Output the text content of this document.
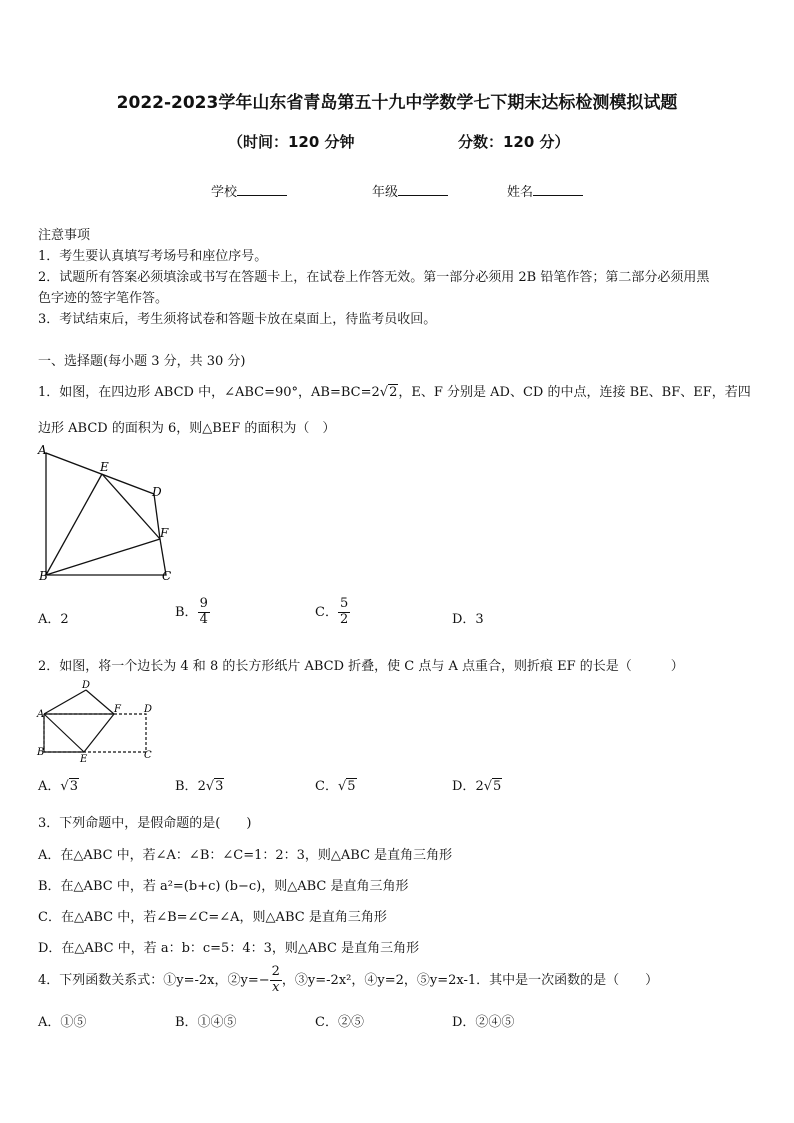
2022-2023学年山东省青岛第五十九中学数学七下期末达标检测模拟试题
（时间：120 分钟	分数：120 分）
学校	年级	姓名
注意事项
1．考生要认真填写考场号和座位序号。
2．试题所有答案必须填涂或书写在答题卡上，在试卷上作答无效。第一部分必须用 2B 铅笔作答；第二部分必须用黑
色字迹的签字笔作答。
3．考试结束后，考生须将试卷和答题卡放在桌面上，待监考员收回。
一、选择题(每小题 3 分，共 30 分)
1．如图，在四边形 ABCD 中，∠ABC=90°，AB=BC=2√2，E、F 分别是 AD、CD 的中点，连接 BE、BF、EF，若四
边形 ABCD 的面积为 6，则△BEF 的面积为（　）
A
E
D
F
B	C
A．2	B． $\frac{9}{4}$	C． $\frac{5}{2}$	D．3
2．如图，将一个边长为 4 和 8 的长方形纸片 ABCD 折叠，使 C 点与 A 点重合，则折痕 EF 的长是（　　　）
D
A	F D
B
E	C
A．√3	B．2√3	C．√5	D．2√5
3．下列命题中，是假命题的是(　　)
A．在△ABC 中，若∠A：∠B：∠C=1：2：3，则△ABC 是直角三角形
B．在△ABC 中，若 a²=(b+c) (b−c)，则△ABC 是直角三角形
C．在△ABC 中，若∠B=∠C=∠A，则△ABC 是直角三角形
D．在△ABC 中，若 a：b：c=5：4：3，则△ABC 是直角三角形
4．下列函数关系式：①y=-2x，②y=− $\frac{2}{x}$ ，③y=-2x²，④y=2，⑤y=2x-1．其中是一次函数的是（　　）
A．①⑤	B．①④⑤	C．②⑤	D．②④⑤
